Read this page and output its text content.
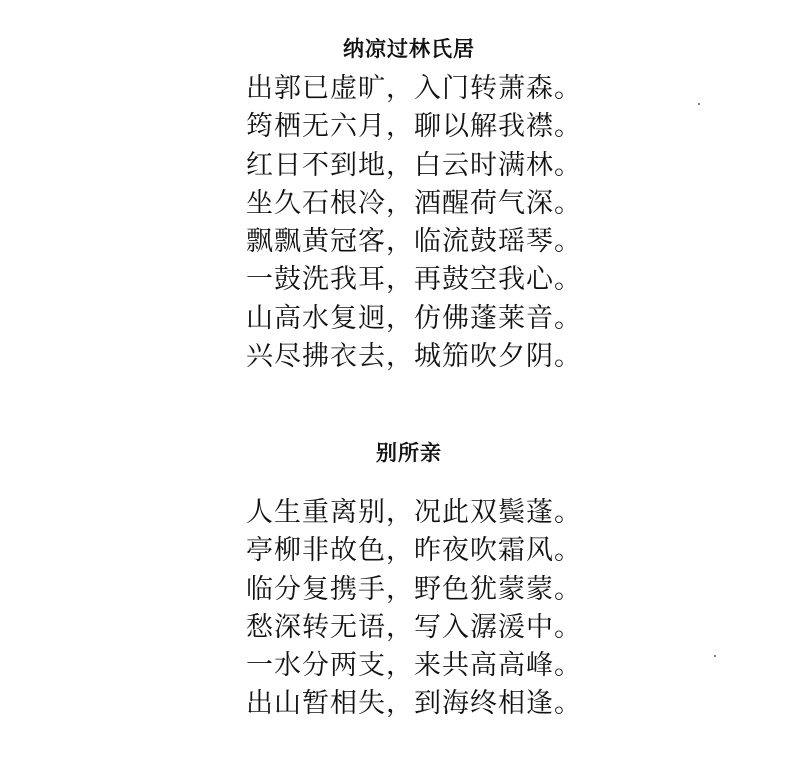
纳凉过林氏居
出郭已虚旷，入门转萧森。
筠栖无六月，聊以解我襟。
红日不到地，白云时满林。
坐久石根冷，酒醒荷气深。
飘飘黄冠客，临流鼓瑶琴。
一鼓洗我耳，再鼓空我心。
山高水复迥，仿佛蓬莱音。
兴尽拂衣去，城笳吹夕阴。
别所亲
人生重离别，况此双鬓蓬。
亭柳非故色，昨夜吹霜风。
临分复携手，野色犹蒙蒙。
愁深转无语，写入潺湲中。
一水分两支，来共高高峰。
出山暂相失，到海终相逢。
